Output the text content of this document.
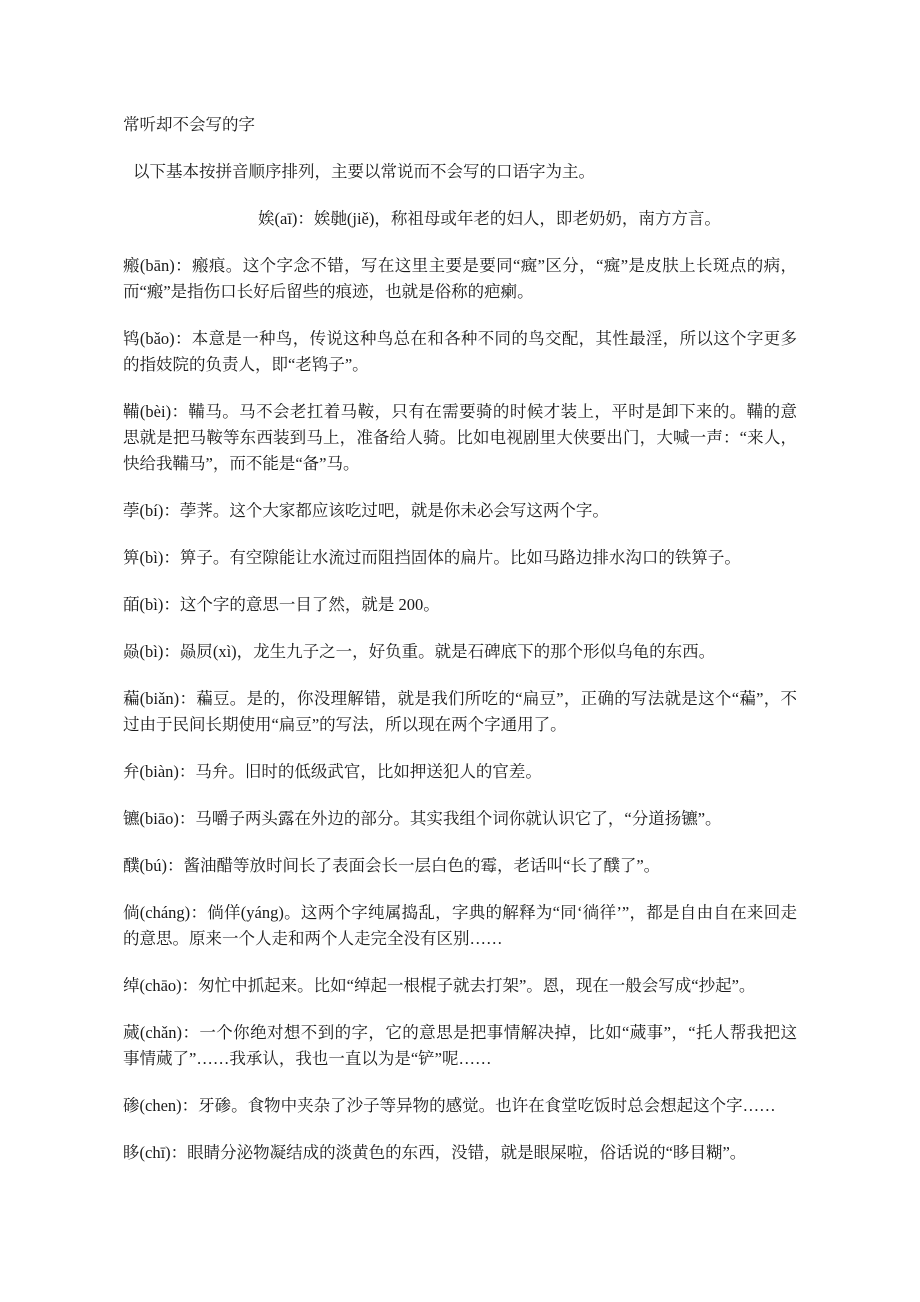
常听却不会写的字

以下基本按拼音顺序排列，主要以常说而不会写的口语字为主。

娭(aī)：娭毑(jiě)，称祖母或年老的妇人，即老奶奶，南方方言。

瘢(bān)：瘢痕。这个字念不错，写在这里主要是要同“癍”区分，“癍”是皮肤上长斑点的病，而“瘢”是指伤口长好后留些的痕迹，也就是俗称的疤瘌。

鸨(bǎo)：本意是一种鸟，传说这种鸟总在和各种不同的鸟交配，其性最淫，所以这个字更多的指妓院的负责人，即“老鸨子”。

鞴(bèi)：鞴马。马不会老扛着马鞍，只有在需要骑的时候才装上，平时是卸下来的。鞴的意思就是把马鞍等东西装到马上，准备给人骑。比如电视剧里大侠要出门，大喊一声：“来人，快给我鞴马”，而不能是“备”马。

荸(bí)：荸荠。这个大家都应该吃过吧，就是你未必会写这两个字。

箅(bì)：箅子。有空隙能让水流过而阻挡固体的扁片。比如马路边排水沟口的铁箅子。

皕(bì)：这个字的意思一目了然，就是 200。

赑(bì)：赑屃(xì)，龙生九子之一，好负重。就是石碑底下的那个形似乌龟的东西。

藊(biǎn)：藊豆。是的，你没理解错，就是我们所吃的“扁豆”，正确的写法就是这个“藊”，不过由于民间长期使用“扁豆”的写法，所以现在两个字通用了。

弁(biàn)：马弁。旧时的低级武官，比如押送犯人的官差。

镳(biāo)：马嚼子两头露在外边的部分。其实我组个词你就认识它了，“分道扬镳”。

醭(bú)：酱油醋等放时间长了表面会长一层白色的霉，老话叫“长了醭了”。

倘(cháng)：倘佯(yáng)。这两个字纯属捣乱，字典的解释为“同‘徜徉’”，都是自由自在来回走的意思。原来一个人走和两个人走完全没有区别……

绰(chāo)：匆忙中抓起来。比如“绰起一根棍子就去打架”。恩，现在一般会写成“抄起”。

蒇(chǎn)：一个你绝对想不到的字，它的意思是把事情解决掉，比如“蒇事”，“托人帮我把这事情蒇了”……我承认，我也一直以为是“铲”呢……

碜(chen)：牙碜。食物中夹杂了沙子等异物的感觉。也许在食堂吃饭时总会想起这个字……

眵(chī)：眼睛分泌物凝结成的淡黄色的东西，没错，就是眼屎啦，俗话说的“眵目糊”。
